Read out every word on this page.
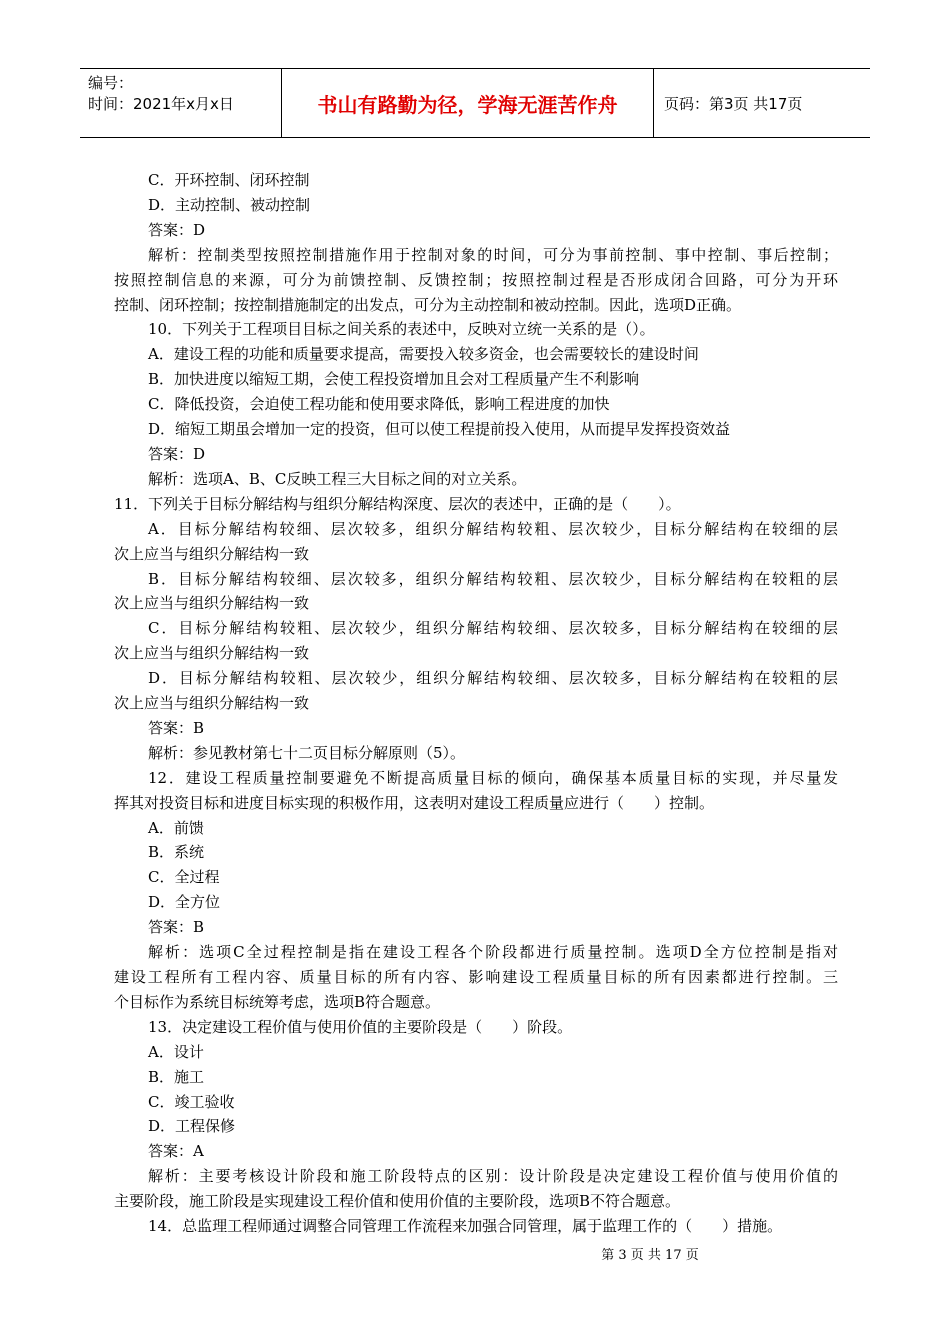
编号：
时间：2021年x月x日	书山有路勤为径，学海无涯苦作舟	页码：第3页 共17页
C．开环控制、闭环控制
D．主动控制、被动控制
答案：D
解析：控制类型按照控制措施作用于控制对象的时间，可分为事前控制、事中控制、事后控制；
按照控制信息的来源，可分为前馈控制、反馈控制；按照控制过程是否形成闭合回路，可分为开环
控制、闭环控制；按控制措施制定的出发点，可分为主动控制和被动控制。因此，选项D正确。
10．下列关于工程项目目标之间关系的表述中，反映对立统一关系的是（）。
A．建设工程的功能和质量要求提高，需要投入较多资金，也会需要较长的建设时间
B．加快进度以缩短工期，会使工程投资增加且会对工程质量产生不利影响
C．降低投资，会迫使工程功能和使用要求降低，影响工程进度的加快
D．缩短工期虽会增加一定的投资，但可以使工程提前投入使用，从而提早发挥投资效益
答案：D
解析：选项A、B、C反映工程三大目标之间的对立关系。
11．下列关于目标分解结构与组织分解结构深度、层次的表述中，正确的是（　　）。
A．目标分解结构较细、层次较多，组织分解结构较粗、层次较少，目标分解结构在较细的层
次上应当与组织分解结构一致
B．目标分解结构较细、层次较多，组织分解结构较粗、层次较少，目标分解结构在较粗的层
次上应当与组织分解结构一致
C．目标分解结构较粗、层次较少，组织分解结构较细、层次较多，目标分解结构在较细的层
次上应当与组织分解结构一致
D．目标分解结构较粗、层次较少，组织分解结构较细、层次较多，目标分解结构在较粗的层
次上应当与组织分解结构一致
答案：B
解析：参见教材第七十二页目标分解原则（5）。
12．建设工程质量控制要避免不断提高质量目标的倾向，确保基本质量目标的实现，并尽量发
挥其对投资目标和进度目标实现的积极作用，这表明对建设工程质量应进行（　　）控制。
A．前馈
B．系统
C．全过程
D．全方位
答案：B
解析：选项C全过程控制是指在建设工程各个阶段都进行质量控制。选项D全方位控制是指对
建设工程所有工程内容、质量目标的所有内容、影响建设工程质量目标的所有因素都进行控制。三
个目标作为系统目标统筹考虑，选项B符合题意。
13．决定建设工程价值与使用价值的主要阶段是（　　）阶段。
A．设计
B．施工
C．竣工验收
D．工程保修
答案：A
解析：主要考核设计阶段和施工阶段特点的区别：设计阶段是决定建设工程价值与使用价值的
主要阶段，施工阶段是实现建设工程价值和使用价值的主要阶段，选项B不符合题意。
14．总监理工程师通过调整合同管理工作流程来加强合同管理，属于监理工作的（　　）措施。
第 3 页 共 17 页
